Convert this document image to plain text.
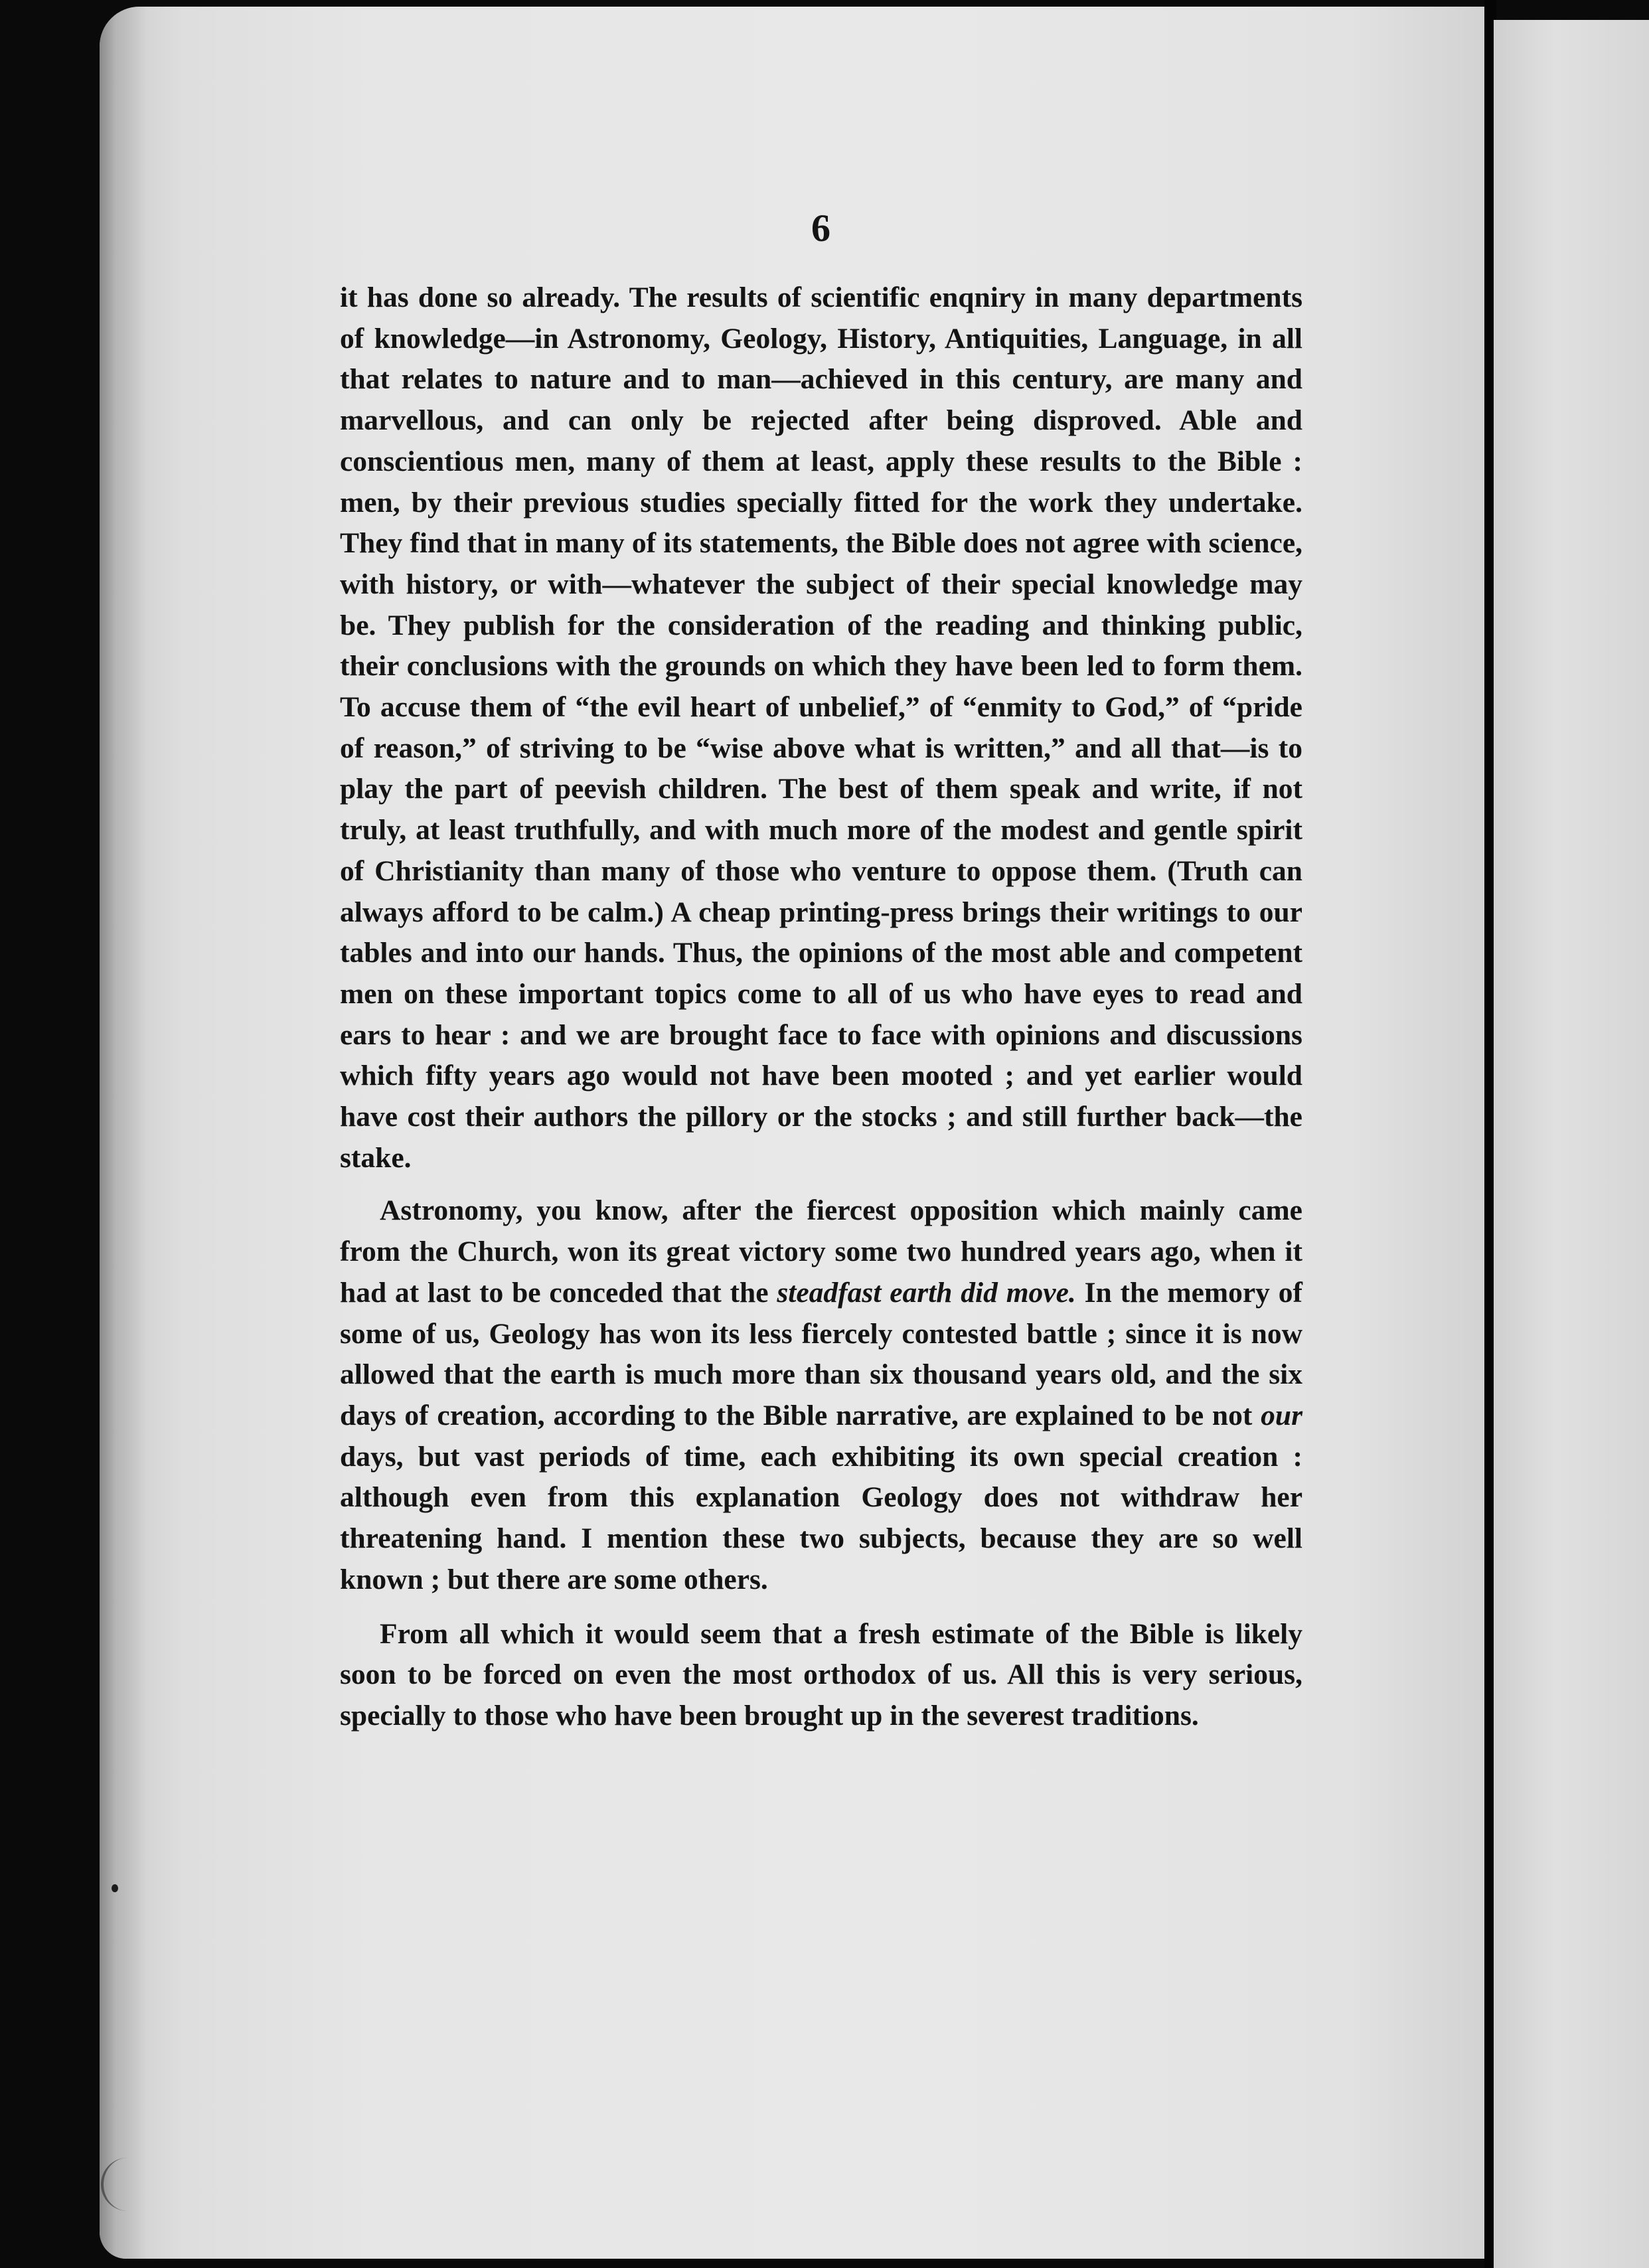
6

it has done so already. The results of scientific enqniry in many departments of knowledge—in Astronomy, Geology, History, Antiquities, Language, in all that relates to nature and to man—achieved in this century, are many and marvellous, and can only be rejected after being disproved. Able and conscientious men, many of them at least, apply these results to the Bible : men, by their previous studies specially fitted for the work they undertake. They find that in many of its statements, the Bible does not agree with science, with history, or with—whatever the subject of their special knowledge may be. They publish for the consideration of the reading and thinking public, their conclusions with the grounds on which they have been led to form them. To accuse them of “the evil heart of unbelief,” of “enmity to God,” of “pride of reason,” of striving to be “wise above what is written,” and all that—is to play the part of peevish children. The best of them speak and write, if not truly, at least truthfully, and with much more of the modest and gentle spirit of Christianity than many of those who venture to oppose them. (Truth can always afford to be calm.) A cheap printing-press brings their writings to our tables and into our hands. Thus, the opinions of the most able and competent men on these important topics come to all of us who have eyes to read and ears to hear : and we are brought face to face with opinions and discussions which fifty years ago would not have been mooted ; and yet earlier would have cost their authors the pillory or the stocks ; and still further back—the stake.

Astronomy, you know, after the fiercest opposition which mainly came from the Church, won its great victory some two hundred years ago, when it had at last to be conceded that the steadfast earth did move. In the memory of some of us, Geology has won its less fiercely contested battle ; since it is now allowed that the earth is much more than six thousand years old, and the six days of creation, according to the Bible narrative, are explained to be not our days, but vast periods of time, each exhibiting its own special creation : although even from this explanation Geology does not withdraw her threatening hand. I mention these two subjects, because they are so well known ; but there are some others.

From all which it would seem that a fresh estimate of the Bible is likely soon to be forced on even the most orthodox of us. All this is very serious, specially to those who have been brought up in the severest traditions.
